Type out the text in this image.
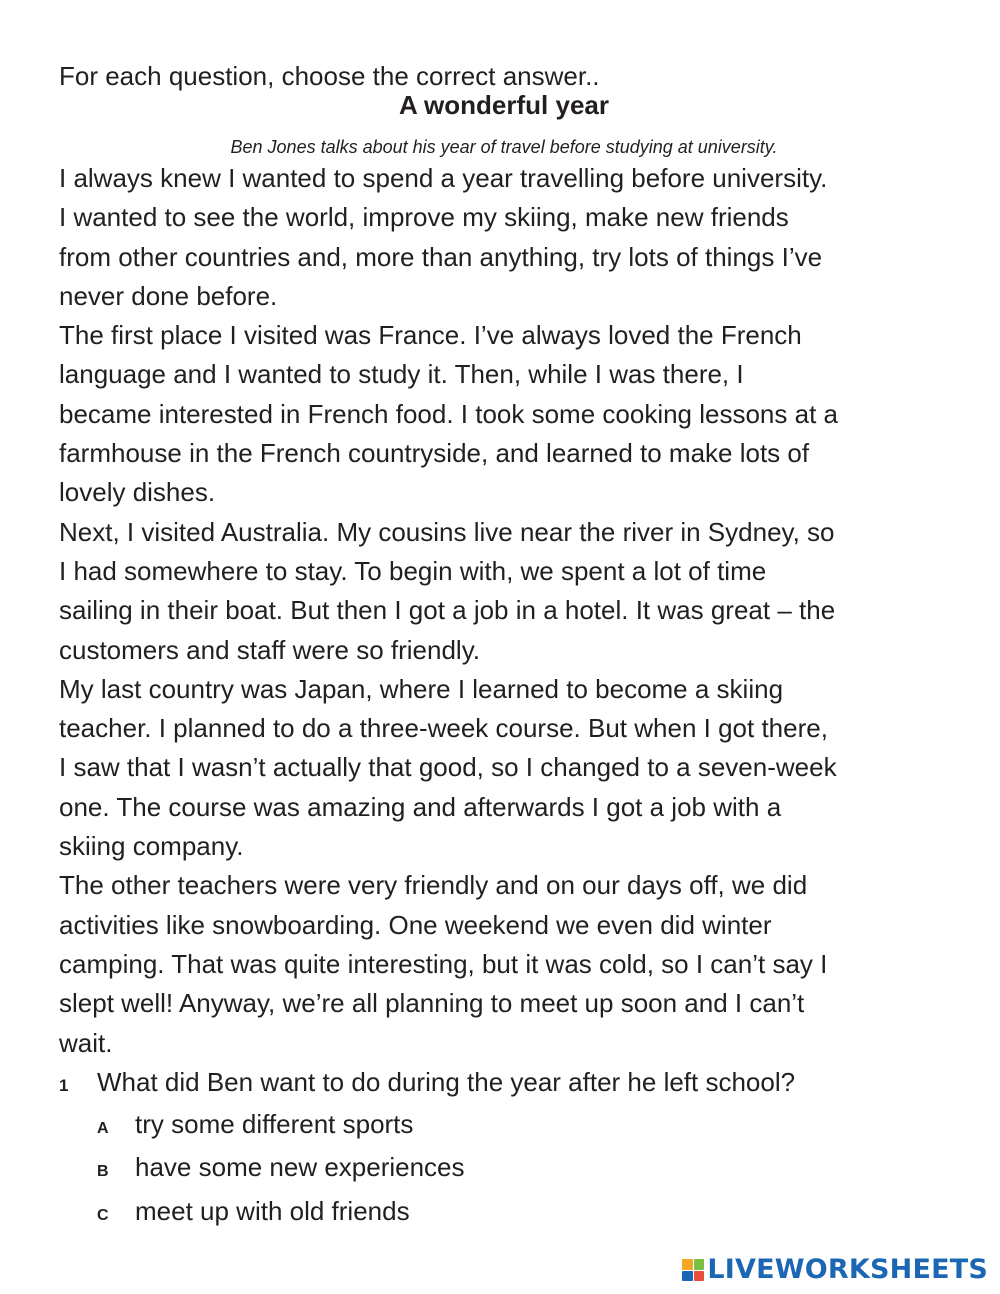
For each question, choose the correct answer..

A wonderful year

Ben Jones talks about his year of travel before studying at university.

I always knew I wanted to spend a year travelling before university.
I wanted to see the world, improve my skiing, make new friends
from other countries and, more than anything, try lots of things I’ve
never done before.

The first place I visited was France. I’ve always loved the French
language and I wanted to study it. Then, while I was there, I
became interested in French food. I took some cooking lessons at a
farmhouse in the French countryside, and learned to make lots of
lovely dishes.

Next, I visited Australia. My cousins live near the river in Sydney, so
I had somewhere to stay. To begin with, we spent a lot of time
sailing in their boat. But then I got a job in a hotel. It was great – the
customers and staff were so friendly.

My last country was Japan, where I learned to become a skiing
teacher. I planned to do a three-week course. But when I got there,
I saw that I wasn’t actually that good, so I changed to a seven-week
one. The course was amazing and afterwards I got a job with a
skiing company.

The other teachers were very friendly and on our days off, we did
activities like snowboarding. One weekend we even did winter
camping. That was quite interesting, but it was cold, so I can’t say I
slept well! Anyway, we’re all planning to meet up soon and I can’t
wait.

1	What did Ben want to do during the year after he left school?
A	try some different sports
B	have some new experiences
C	meet up with old friends
LIVEWORKSHEETS
